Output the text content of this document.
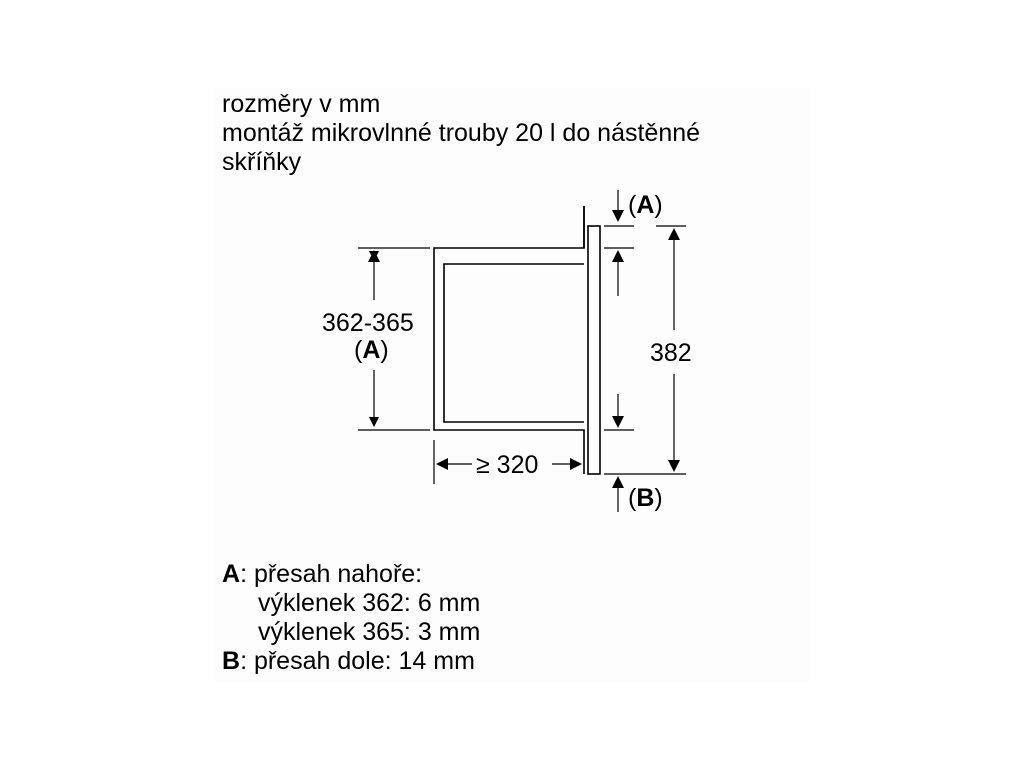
rozměry v mm
montáž mikrovlnné trouby 20 l do nástěnné
skříňky
362-365
(A)
≥ 320
(A)
382
(B)
A: přesah nahoře:
výklenek 362: 6 mm
výklenek 365: 3 mm
B: přesah dole: 14 mm
